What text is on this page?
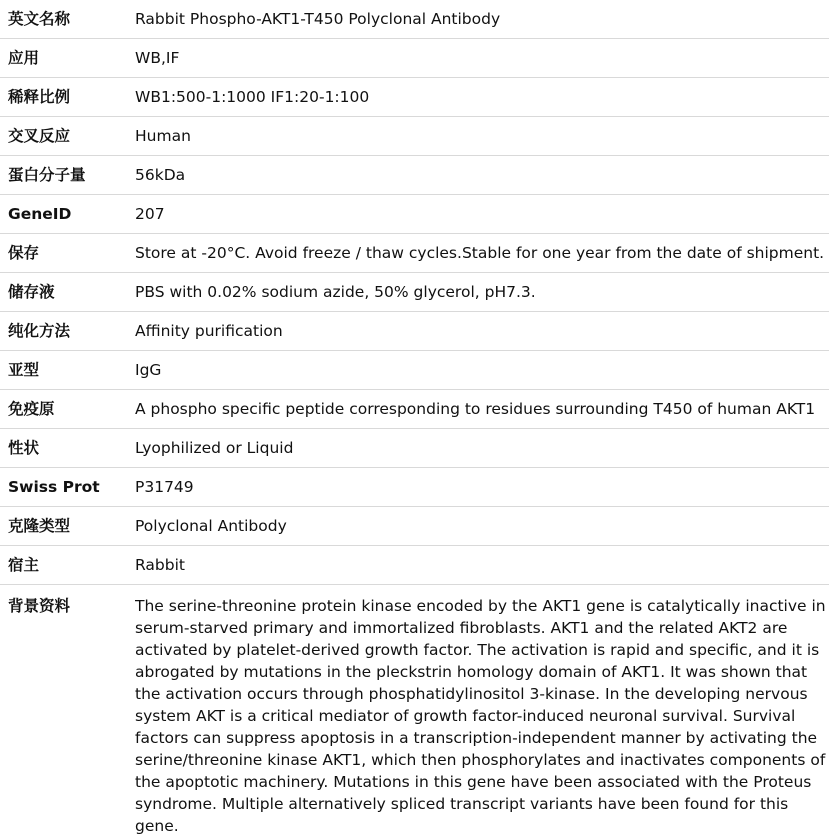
英文名称	Rabbit Phospho-AKT1-T450 Polyclonal Antibody
应用	WB,IF
稀释比例	WB1:500-1:1000 IF1:20-1:100
交叉反应	Human
蛋白分子量	56kDa
GeneID	207
保存	Store at -20°C. Avoid freeze / thaw cycles.Stable for one year from the date of shipment.
储存液	PBS with 0.02% sodium azide, 50% glycerol, pH7.3.
纯化方法	Affinity purification
亚型	IgG
免疫原	A phospho specific peptide corresponding to residues surrounding T450 of human AKT1
性状	Lyophilized or Liquid
Swiss Prot	P31749
克隆类型	Polyclonal Antibody
宿主	Rabbit
背景资料	The serine-threonine protein kinase encoded by the AKT1 gene is catalytically inactive in serum-starved primary and immortalized fibroblasts. AKT1 and the related AKT2 are activated by platelet-derived growth factor. The activation is rapid and specific, and it is abrogated by mutations in the pleckstrin homology domain of AKT1. It was shown that the activation occurs through phosphatidylinositol 3-kinase. In the developing nervous system AKT is a critical mediator of growth factor-induced neuronal survival. Survival factors can suppress apoptosis in a transcription-independent manner by activating the serine/threonine kinase AKT1, which then phosphorylates and inactivates components of the apoptotic machinery. Mutations in this gene have been associated with the Proteus syndrome. Multiple alternatively spliced transcript variants have been found for this gene.
